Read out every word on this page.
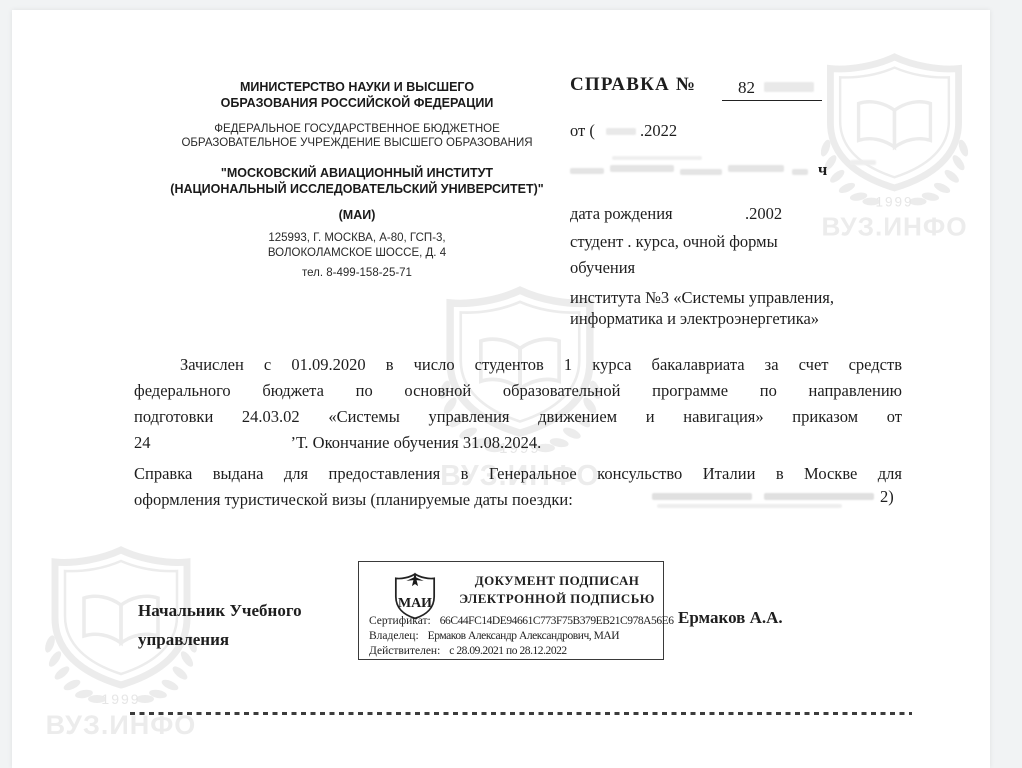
МИНИСТЕРСТВО НАУКИ И ВЫСШЕГО
ОБРАЗОВАНИЯ РОССИЙСКОЙ ФЕДЕРАЦИИ
ФЕДЕРАЛЬНОЕ ГОСУДАРСТВЕННОЕ БЮДЖЕТНОЕ
ОБРАЗОВАТЕЛЬНОЕ УЧРЕЖДЕНИЕ ВЫСШЕГО ОБРАЗОВАНИЯ
"МОСКОВСКИЙ АВИАЦИОННЫЙ ИНСТИТУТ
(НАЦИОНАЛЬНЫЙ ИССЛЕДОВАТЕЛЬСКИЙ УНИВЕРСИТЕТ)"
(МАИ)
125993, Г. МОСКВА, А-80, ГСП-3,
ВОЛОКОЛАМСКОЕ ШОССЕ, Д. 4
тел. 8-499-158-25-71
СПРАВКА № 82
от (	.2022
ч
дата рождения	.2002
студент . курса, очной формы
обучения
института №3 «Системы управления,
информатика и электроэнергетика»
Зачислен с 01.09.2020 в число студентов 1 курса бакалавриата за счет средств
федерального бюджета по основной образовательной программе по направлению
подготовки 24.03.02 «Системы управления движением и навигация» приказом от
24	’Т. Окончание обучения 31.08.2024.
Справка выдана для предоставления в Генеральное консульство Италии в Москве для
оформления туристической визы (планируемые даты поездки:	2)
Начальник Учебного
управления
Ермаков А.А.
МАИ
ДОКУМЕНТ ПОДПИСАН
ЭЛЕКТРОННОЙ ПОДПИСЬЮ
Сертификат: 66C44FC14DE94661C773F75B379EB21C978A56E6
Владелец: Ермаков Александр Александрович, МАИ
Действителен: с 28.09.2021 по 28.12.2022
